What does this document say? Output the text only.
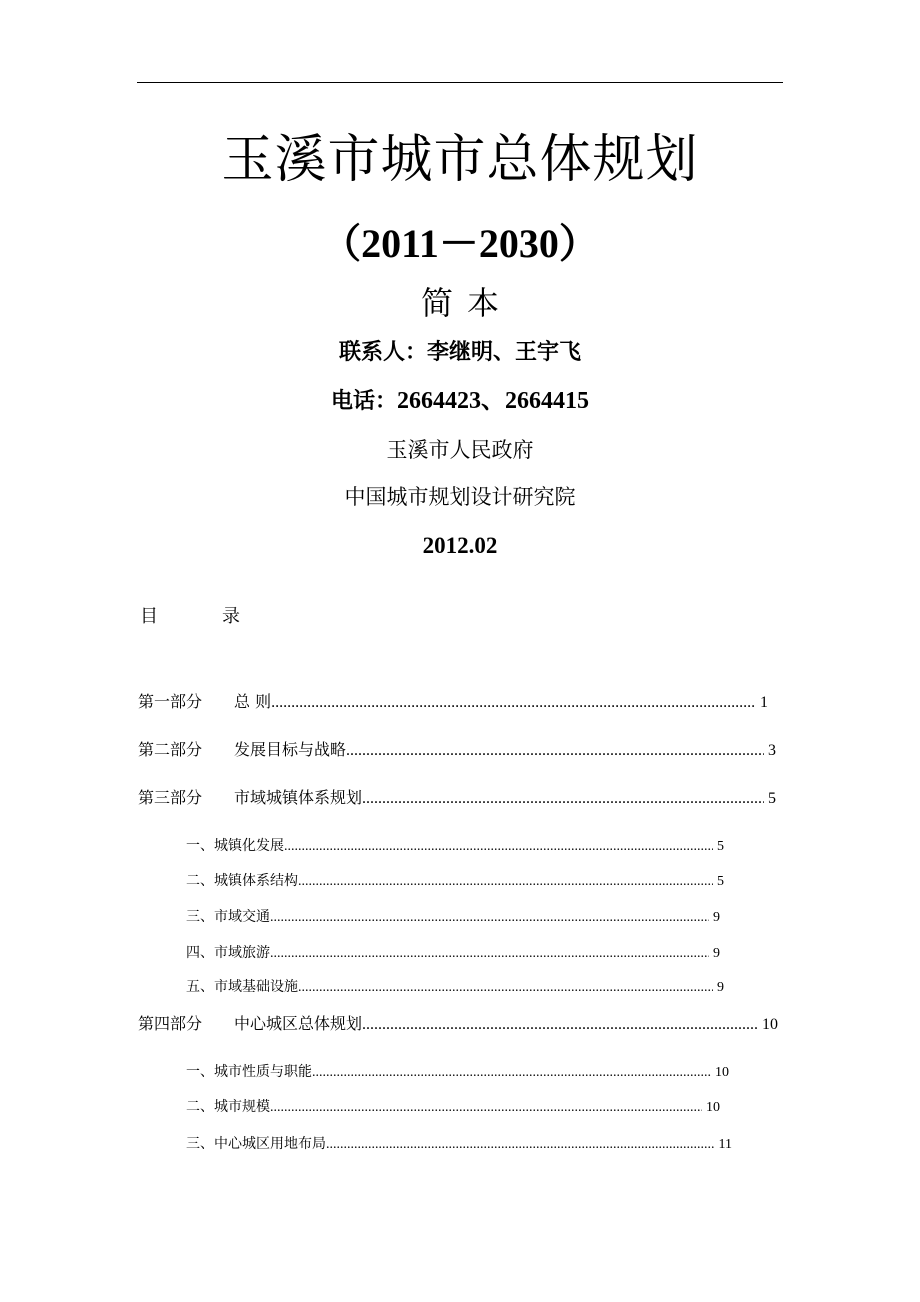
玉溪市城市总体规划
（2011－2030）
简本
联系人：李继明、王宇飞
电话：2664423、2664415
玉溪市人民政府
中国城市规划设计研究院
2012.02
目	录
第一部分	总 则 .....	1
第二部分	发展目标与战略 .....	3
第三部分	市域城镇体系规划 .....	5
一、城镇化发展 .....	5
二、城镇体系结构 .....	5
三、市域交通 .....	9
四、市域旅游 .....	9
五、市域基础设施 .....	9
第四部分	中心城区总体规划 .....	10
一、城市性质与职能 .....	10
二、城市规模 .....	10
三、中心城区用地布局 .....	11
